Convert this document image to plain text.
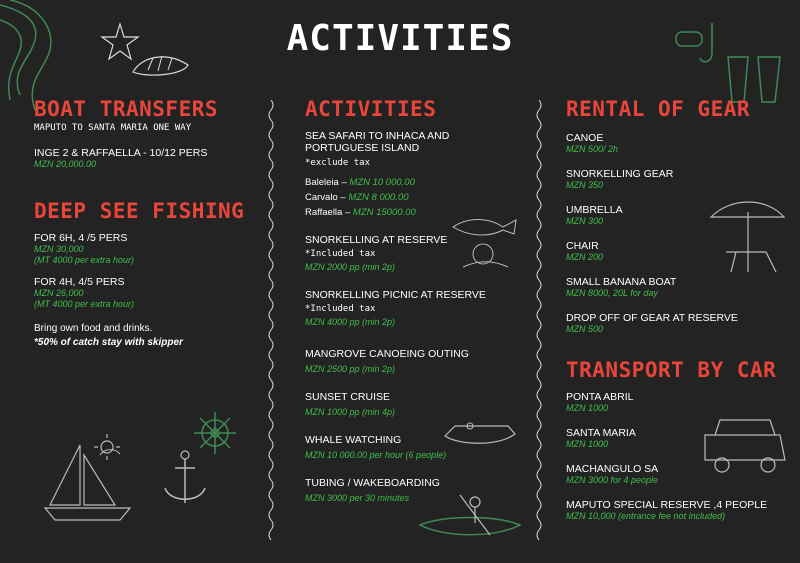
ACTIVITIES
BOAT TRANSFERS
MAPUTO TO SANTA MARIA ONE WAY
INGE 2 & RAFFAELLA - 10/12 PERS
MZN 20,000.00
DEEP SEE FISHING
FOR 6H, 4 /5 PERS
MZN 30,000
(MT 4000 per extra hour)
FOR 4H, 4/5 PERS
MZN 26,000
(MT 4000 per extra hour)
Bring own food and drinks.
*50% of catch stay with skipper
ACTIVITIES
SEA SAFARI TO INHACA AND PORTUGUESE ISLAND
*exclude tax
Baleleia – MZN 10 000.00
Carvalo – MZN 8 000.00
Raffaella – MZN 15000.00
SNORKELLING AT RESERVE
*Included tax
MZN 2000 pp (min 2p)
SNORKELLING PICNIC AT RESERVE
*Included tax
MZN 4000 pp (min 2p)
MANGROVE CANOEING OUTING
MZN 2500 pp (min 2p)
SUNSET CRUISE
MZN 1000 pp (min 4p)
WHALE WATCHING
MZN 10 000.00 per hour (6 people)
TUBING / WAKEBOARDING
MZN 3000 per 30 minutes
RENTAL OF GEAR
CANOE
MZN 500/ 2h
SNORKELLING GEAR
MZN 350
UMBRELLA
MZN 300
CHAIR
MZN 200
SMALL BANANA BOAT
MZN 8000, 20L for day
DROP OFF OF GEAR AT RESERVE
MZN 500
TRANSPORT BY CAR
PONTA ABRIL
MZN 1000
SANTA MARIA
MZN 1000
MACHANGULO SA
MZN 3000 for 4 people
MAPUTO SPECIAL RESERVE ,4 PEOPLE
MZN 10,000 (entrance fee not included)
